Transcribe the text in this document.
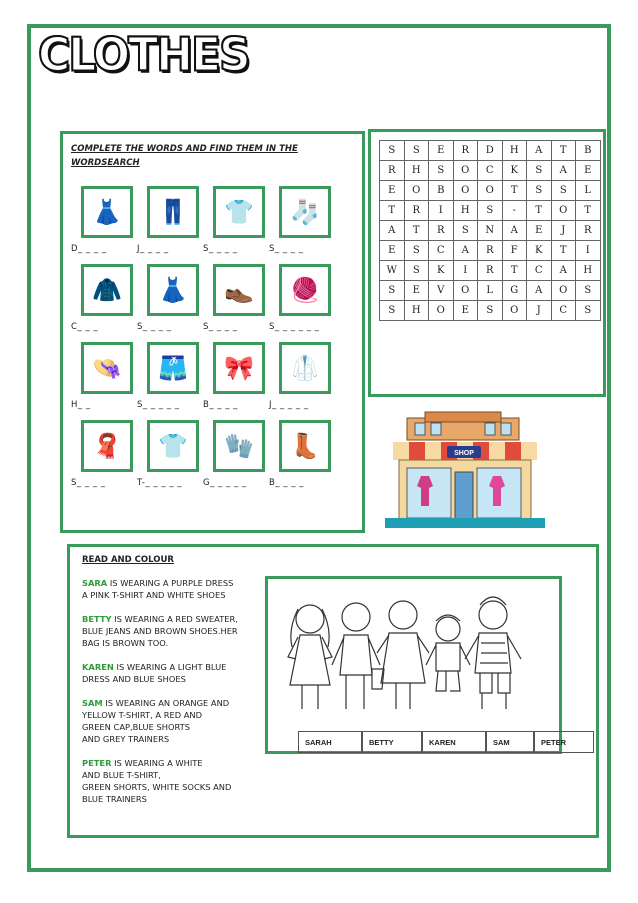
CLOTHES
COMPLETE THE WORDS AND FIND THEM IN THE WORDSEARCH
👗
D_ _ _ _
👖
J_ _ _ _
👕
S_ _ _ _
🧦
S_ _ _ _
🧥
C_ _ _
👗
S_ _ _ _
👞
S_ _ _ _
🧶
S_ _ _ _ _ _
👒
H_ _
🩳
S_ _ _ _ _
🎀
B_ _ _ _
🥼
J_ _ _ _ _
🧣
S_ _ _ _
👕
T-_ _ _ _ _
🧤
G_ _ _ _ _
👢
B_ _ _ _
S	S	E	R	D	H	A	T	B
R	H	S	O	C	K	S	A	E
E	O	B	O	O	T	S	S	L
T	R	I	H	S	-	T	O	T
A	T	R	S	N	A	E	J	R
E	S	C	A	R	F	K	T	I
W	S	K	I	R	T	C	A	H
S	E	V	O	L	G	A	O	S
S	H	O	E	S	O	J	C	S
SHOP
READ AND COLOUR
SARA IS WEARING A PURPLE DRESS
A PINK T-SHIRT AND WHITE SHOES
BETTY IS WEARING A RED SWEATER,
BLUE JEANS AND BROWN SHOES.HER
BAG IS BROWN TOO.
KAREN IS WEARING A LIGHT BLUE
DRESS AND BLUE SHOES
SAM IS WEARING AN ORANGE AND
YELLOW T-SHIRT, A RED AND
GREEN CAP,BLUE SHORTS
AND GREY TRAINERS
PETER IS WEARING A WHITE
AND BLUE T-SHIRT,
GREEN SHORTS, WHITE SOCKS AND
BLUE TRAINERS
SARAH	BETTY	KAREN	SAM	PETER
